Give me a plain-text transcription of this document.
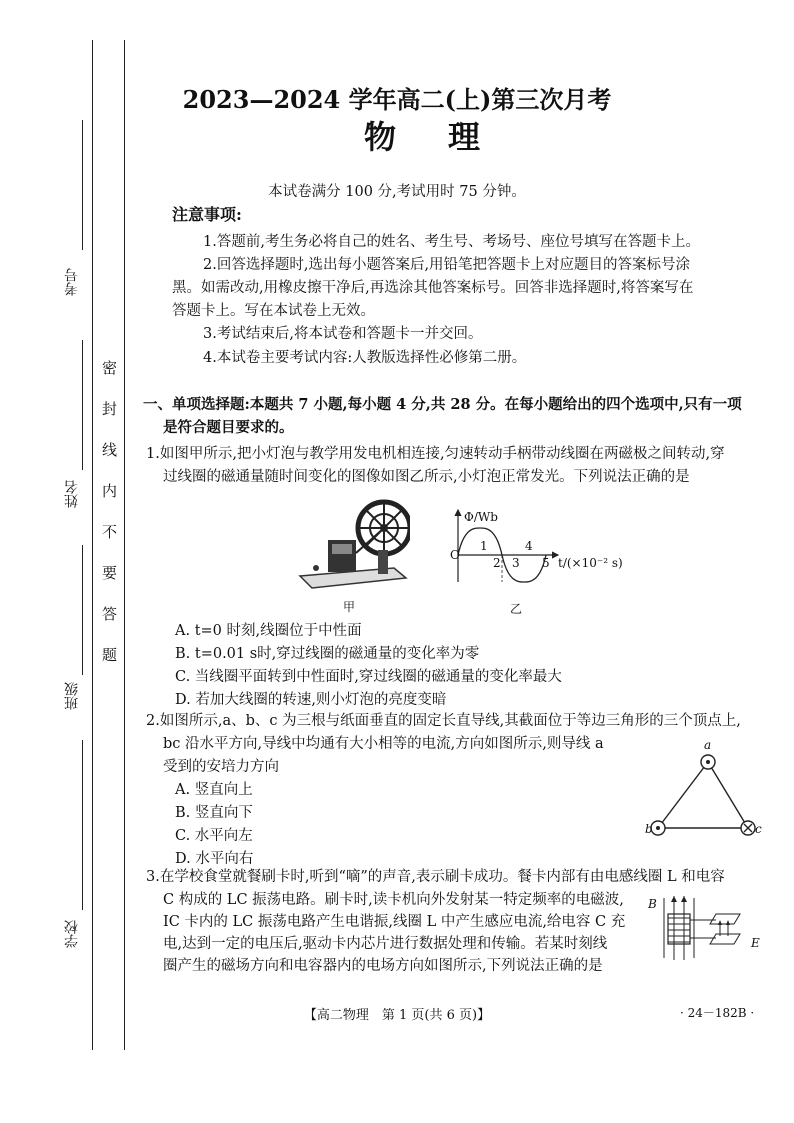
密封线内不要答题
考号
姓名
班级
学校
2023—2024 学年高二(上)第三次月考
物　理
本试卷满分 100 分,考试用时 75 分钟。
注意事项:
1.答题前,考生务必将自己的姓名、考生号、考场号、座位号填写在答题卡上。
2.回答选择题时,选出每小题答案后,用铅笔把答题卡上对应题目的答案标号涂
黑。如需改动,用橡皮擦干净后,再选涂其他答案标号。回答非选择题时,将答案写在
答题卡上。写在本试卷上无效。
3.考试结束后,将本试卷和答题卡一并交回。
4.本试卷主要考试内容:人教版选择性必修第二册。
一、单项选择题:本题共 7 小题,每小题 4 分,共 28 分。在每小题给出的四个选项中,只有一项
是符合题目要求的。
1.如图甲所示,把小灯泡与教学用发电机相连接,匀速转动手柄带动线圈在两磁极之间转动,穿
过线圈的磁通量随时间变化的图像如图乙所示,小灯泡正常发光。下列说法正确的是
甲
Φ/Wb
O
1
2 3
4
5 t/(×10⁻² s)
乙
A. t=0 时刻,线圈位于中性面
B. t=0.01 s时,穿过线圈的磁通量的变化率为零
C. 当线圈平面转到中性面时,穿过线圈的磁通量的变化率最大
D. 若加大线圈的转速,则小灯泡的亮度变暗
2.如图所示,a、b、c 为三根与纸面垂直的固定长直导线,其截面位于等边三角形的三个顶点上,
bc 沿水平方向,导线中均通有大小相等的电流,方向如图所示,则导线 a
受到的安培力方向
A. 竖直向上
B. 竖直向下
C. 水平向左
D. 水平向右
a
b	c
3.在学校食堂就餐刷卡时,听到“嘀”的声音,表示刷卡成功。餐卡内部有由电感线圈 L 和电容
C 构成的 LC 振荡电路。刷卡时,读卡机向外发射某一特定频率的电磁波,
IC 卡内的 LC 振荡电路产生电谐振,线圈 L 中产生感应电流,给电容 C 充
电,达到一定的电压后,驱动卡内芯片进行数据处理和传输。若某时刻线
圈产生的磁场方向和电容器内的电场方向如图所示,下列说法正确的是
B
E
【高二物理　第 1 页(共 6 页)】	· 24－182B ·
